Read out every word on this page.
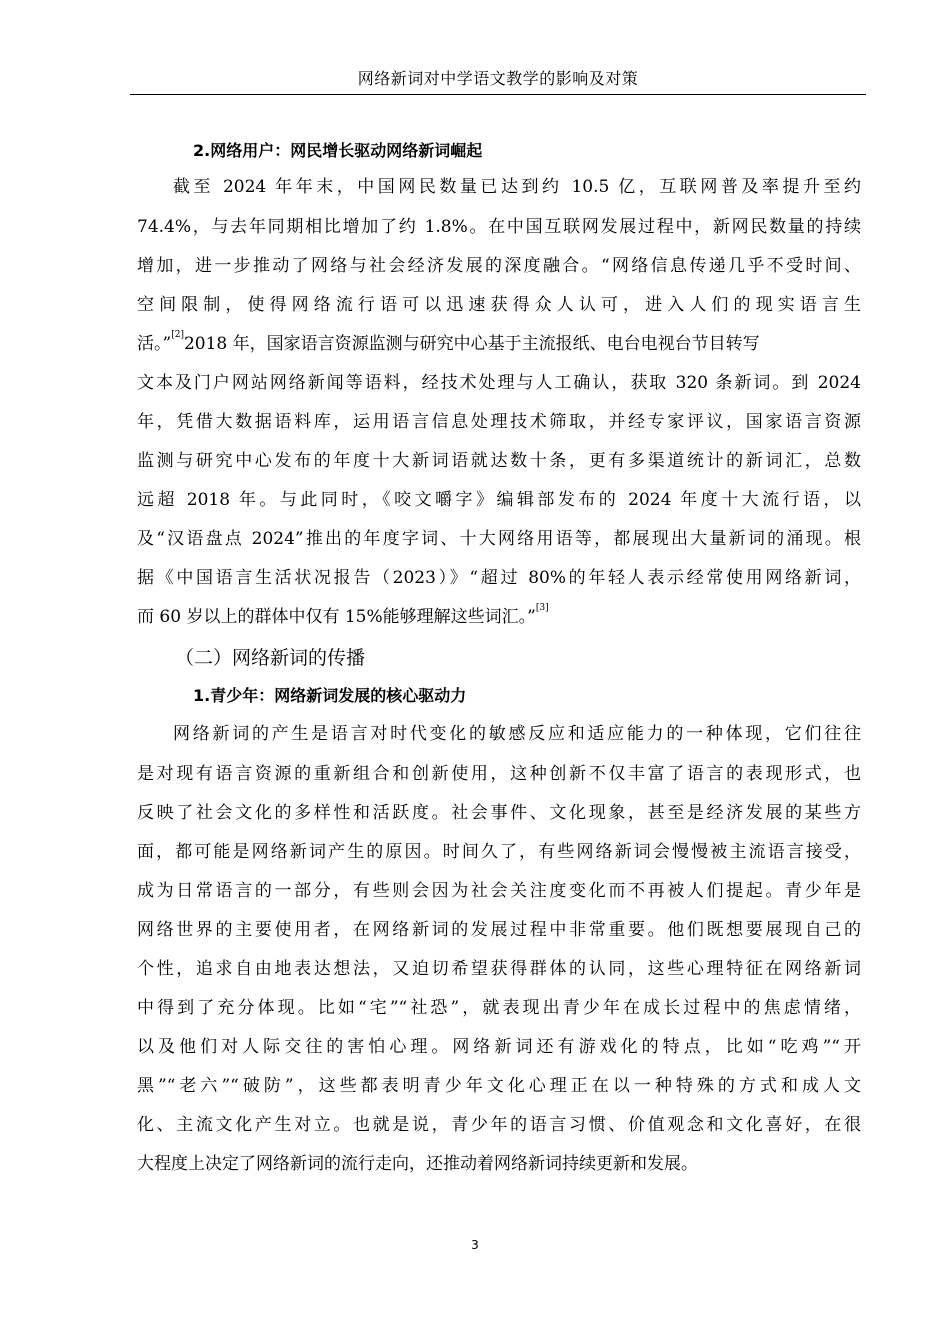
网络新词对中学语文教学的影响及对策
2.网络用户：网民增长驱动网络新词崛起
截至 2024 年年末，中国网民数量已达到约 10.5 亿，互联网普及率提升至约
74.4%，与去年同期相比增加了约 1.8%。在中国互联网发展过程中，新网民数量的持续
增加，进一步推动了网络与社会经济发展的深度融合。“网络信息传递几乎不受时间、
空间限制，使得网络流行语可以迅速获得众人认可，进入人们的现实语言生
活。”[2]2018 年，国家语言资源监测与研究中心基于主流报纸、电台电视台节目转写
文本及门户网站网络新闻等语料，经技术处理与人工确认，获取 320 条新词。到 2024
年，凭借大数据语料库，运用语言信息处理技术筛取，并经专家评议，国家语言资源
监测与研究中心发布的年度十大新词语就达数十条，更有多渠道统计的新词汇，总数
远超 2018 年。与此同时，《咬文嚼字》编辑部发布的 2024 年度十大流行语，以
及“汉语盘点 2024”推出的年度字词、十大网络用语等，都展现出大量新词的涌现。根
据《中国语言生活状况报告（2023）》“超过 80%的年轻人表示经常使用网络新词，
而 60 岁以上的群体中仅有 15%能够理解这些词汇。”[3]
（二）网络新词的传播
1.青少年：网络新词发展的核心驱动力
网络新词的产生是语言对时代变化的敏感反应和适应能力的一种体现，它们往往
是对现有语言资源的重新组合和创新使用，这种创新不仅丰富了语言的表现形式，也
反映了社会文化的多样性和活跃度。社会事件、文化现象，甚至是经济发展的某些方
面，都可能是网络新词产生的原因。时间久了，有些网络新词会慢慢被主流语言接受，
成为日常语言的一部分，有些则会因为社会关注度变化而不再被人们提起。青少年是
网络世界的主要使用者，在网络新词的发展过程中非常重要。他们既想要展现自己的
个性，追求自由地表达想法，又迫切希望获得群体的认同，这些心理特征在网络新词
中得到了充分体现。比如“宅”“社恐”，就表现出青少年在成长过程中的焦虑情绪，
以及他们对人际交往的害怕心理。网络新词还有游戏化的特点，比如“吃鸡”“开
黑”“老六”“破防”，这些都表明青少年文化心理正在以一种特殊的方式和成人文
化、主流文化产生对立。也就是说，青少年的语言习惯、价值观念和文化喜好，在很
大程度上决定了网络新词的流行走向，还推动着网络新词持续更新和发展。
3
